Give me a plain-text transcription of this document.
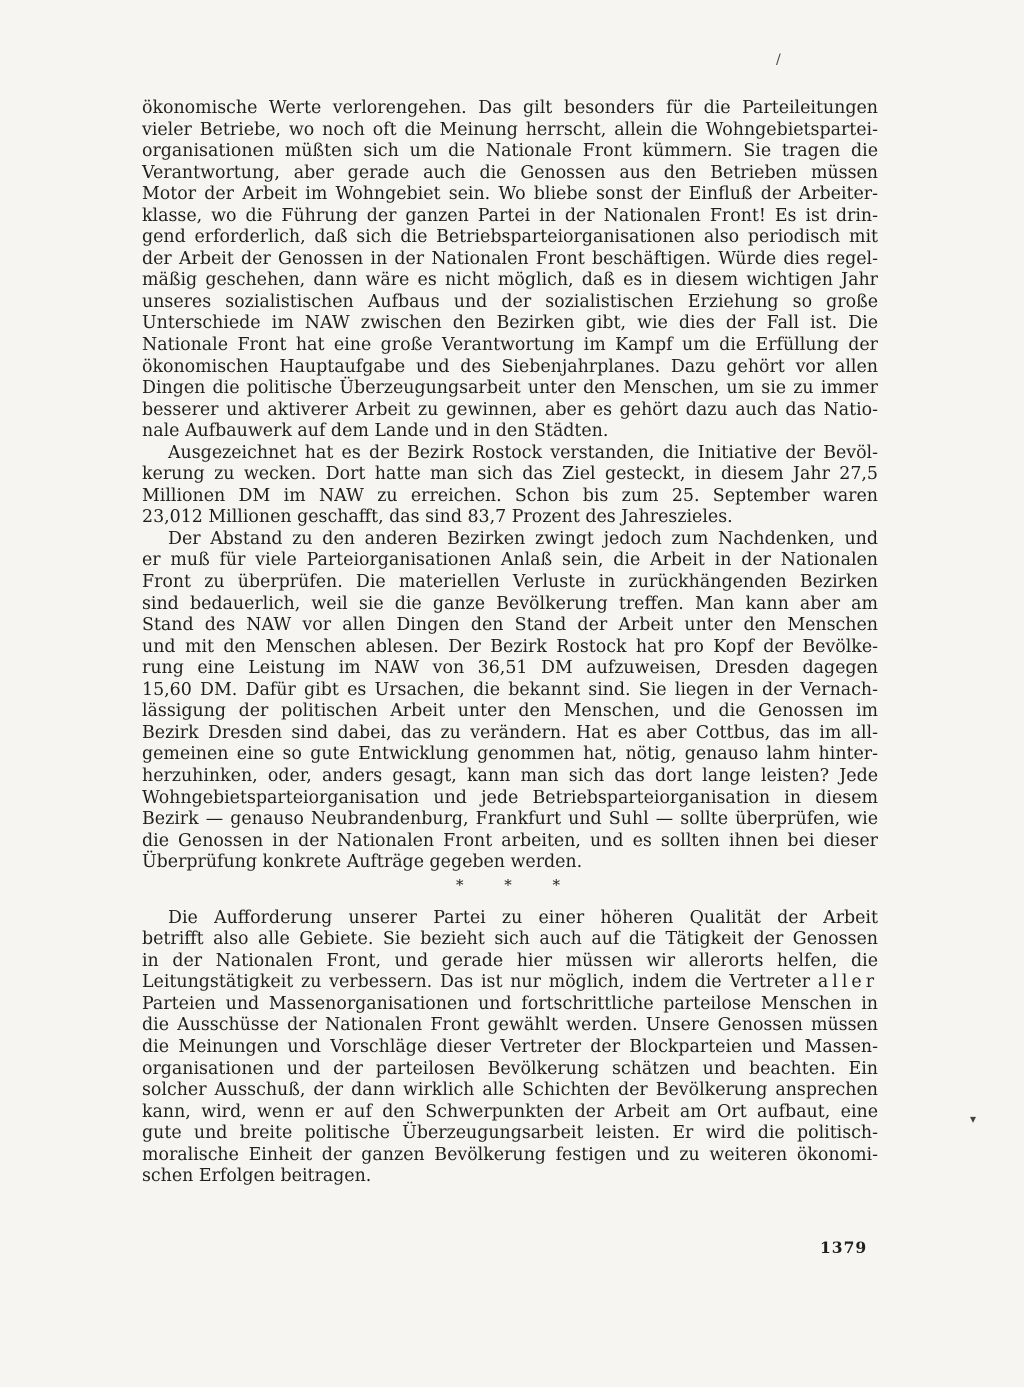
ökonomische Werte verlorengehen. Das gilt besonders für die Parteileitungen
vieler Betriebe, wo noch oft die Meinung herrscht, allein die Wohngebietspartei-
organisationen müßten sich um die Nationale Front kümmern. Sie tragen die
Verantwortung, aber gerade auch die Genossen aus den Betrieben müssen
Motor der Arbeit im Wohngebiet sein. Wo bliebe sonst der Einfluß der Arbeiter-
klasse, wo die Führung der ganzen Partei in der Nationalen Front! Es ist drin-
gend erforderlich, daß sich die Betriebsparteiorganisationen also periodisch mit
der Arbeit der Genossen in der Nationalen Front beschäftigen. Würde dies regel-
mäßig geschehen, dann wäre es nicht möglich, daß es in diesem wichtigen Jahr
unseres sozialistischen Aufbaus und der sozialistischen Erziehung so große
Unterschiede im NAW zwischen den Bezirken gibt, wie dies der Fall ist. Die
Nationale Front hat eine große Verantwortung im Kampf um die Erfüllung der
ökonomischen Hauptaufgabe und des Siebenjahrplanes. Dazu gehört vor allen
Dingen die politische Überzeugungsarbeit unter den Menschen, um sie zu immer
besserer und aktiverer Arbeit zu gewinnen, aber es gehört dazu auch das Natio-
nale Aufbauwerk auf dem Lande und in den Städten.
Ausgezeichnet hat es der Bezirk Rostock verstanden, die Initiative der Bevöl-
kerung zu wecken. Dort hatte man sich das Ziel gesteckt, in diesem Jahr 27,5
Millionen DM im NAW zu erreichen. Schon bis zum 25. September waren
23,012 Millionen geschafft, das sind 83,7 Prozent des Jahreszieles.
Der Abstand zu den anderen Bezirken zwingt jedoch zum Nachdenken, und
er muß für viele Parteiorganisationen Anlaß sein, die Arbeit in der Nationalen
Front zu überprüfen. Die materiellen Verluste in zurückhängenden Bezirken
sind bedauerlich, weil sie die ganze Bevölkerung treffen. Man kann aber am
Stand des NAW vor allen Dingen den Stand der Arbeit unter den Menschen
und mit den Menschen ablesen. Der Bezirk Rostock hat pro Kopf der Bevölke-
rung eine Leistung im NAW von 36,51 DM aufzuweisen, Dresden dagegen
15,60 DM. Dafür gibt es Ursachen, die bekannt sind. Sie liegen in der Vernach-
lässigung der politischen Arbeit unter den Menschen, und die Genossen im
Bezirk Dresden sind dabei, das zu verändern. Hat es aber Cottbus, das im all-
gemeinen eine so gute Entwicklung genommen hat, nötig, genauso lahm hinter-
herzuhinken, oder, anders gesagt, kann man sich das dort lange leisten? Jede
Wohngebietsparteiorganisation und jede Betriebsparteiorganisation in diesem
Bezirk — genauso Neubrandenburg, Frankfurt und Suhl — sollte überprüfen, wie
die Genossen in der Nationalen Front arbeiten, und es sollten ihnen bei dieser
Überprüfung konkrete Aufträge gegeben werden.
* * *
Die Aufforderung unserer Partei zu einer höheren Qualität der Arbeit
betrifft also alle Gebiete. Sie bezieht sich auch auf die Tätigkeit der Genossen
in der Nationalen Front, und gerade hier müssen wir allerorts helfen, die
Leitungstätigkeit zu verbessern. Das ist nur möglich, indem die Vertreter aller
Parteien und Massenorganisationen und fortschrittliche parteilose Menschen in
die Ausschüsse der Nationalen Front gewählt werden. Unsere Genossen müssen
die Meinungen und Vorschläge dieser Vertreter der Blockparteien und Massen-
organisationen und der parteilosen Bevölkerung schätzen und beachten. Ein
solcher Ausschuß, der dann wirklich alle Schichten der Bevölkerung ansprechen
kann, wird, wenn er auf den Schwerpunkten der Arbeit am Ort aufbaut, eine
gute und breite politische Überzeugungsarbeit leisten. Er wird die politisch-
moralische Einheit der ganzen Bevölkerung festigen und zu weiteren ökonomi-
schen Erfolgen beitragen.
1379
/
▾
